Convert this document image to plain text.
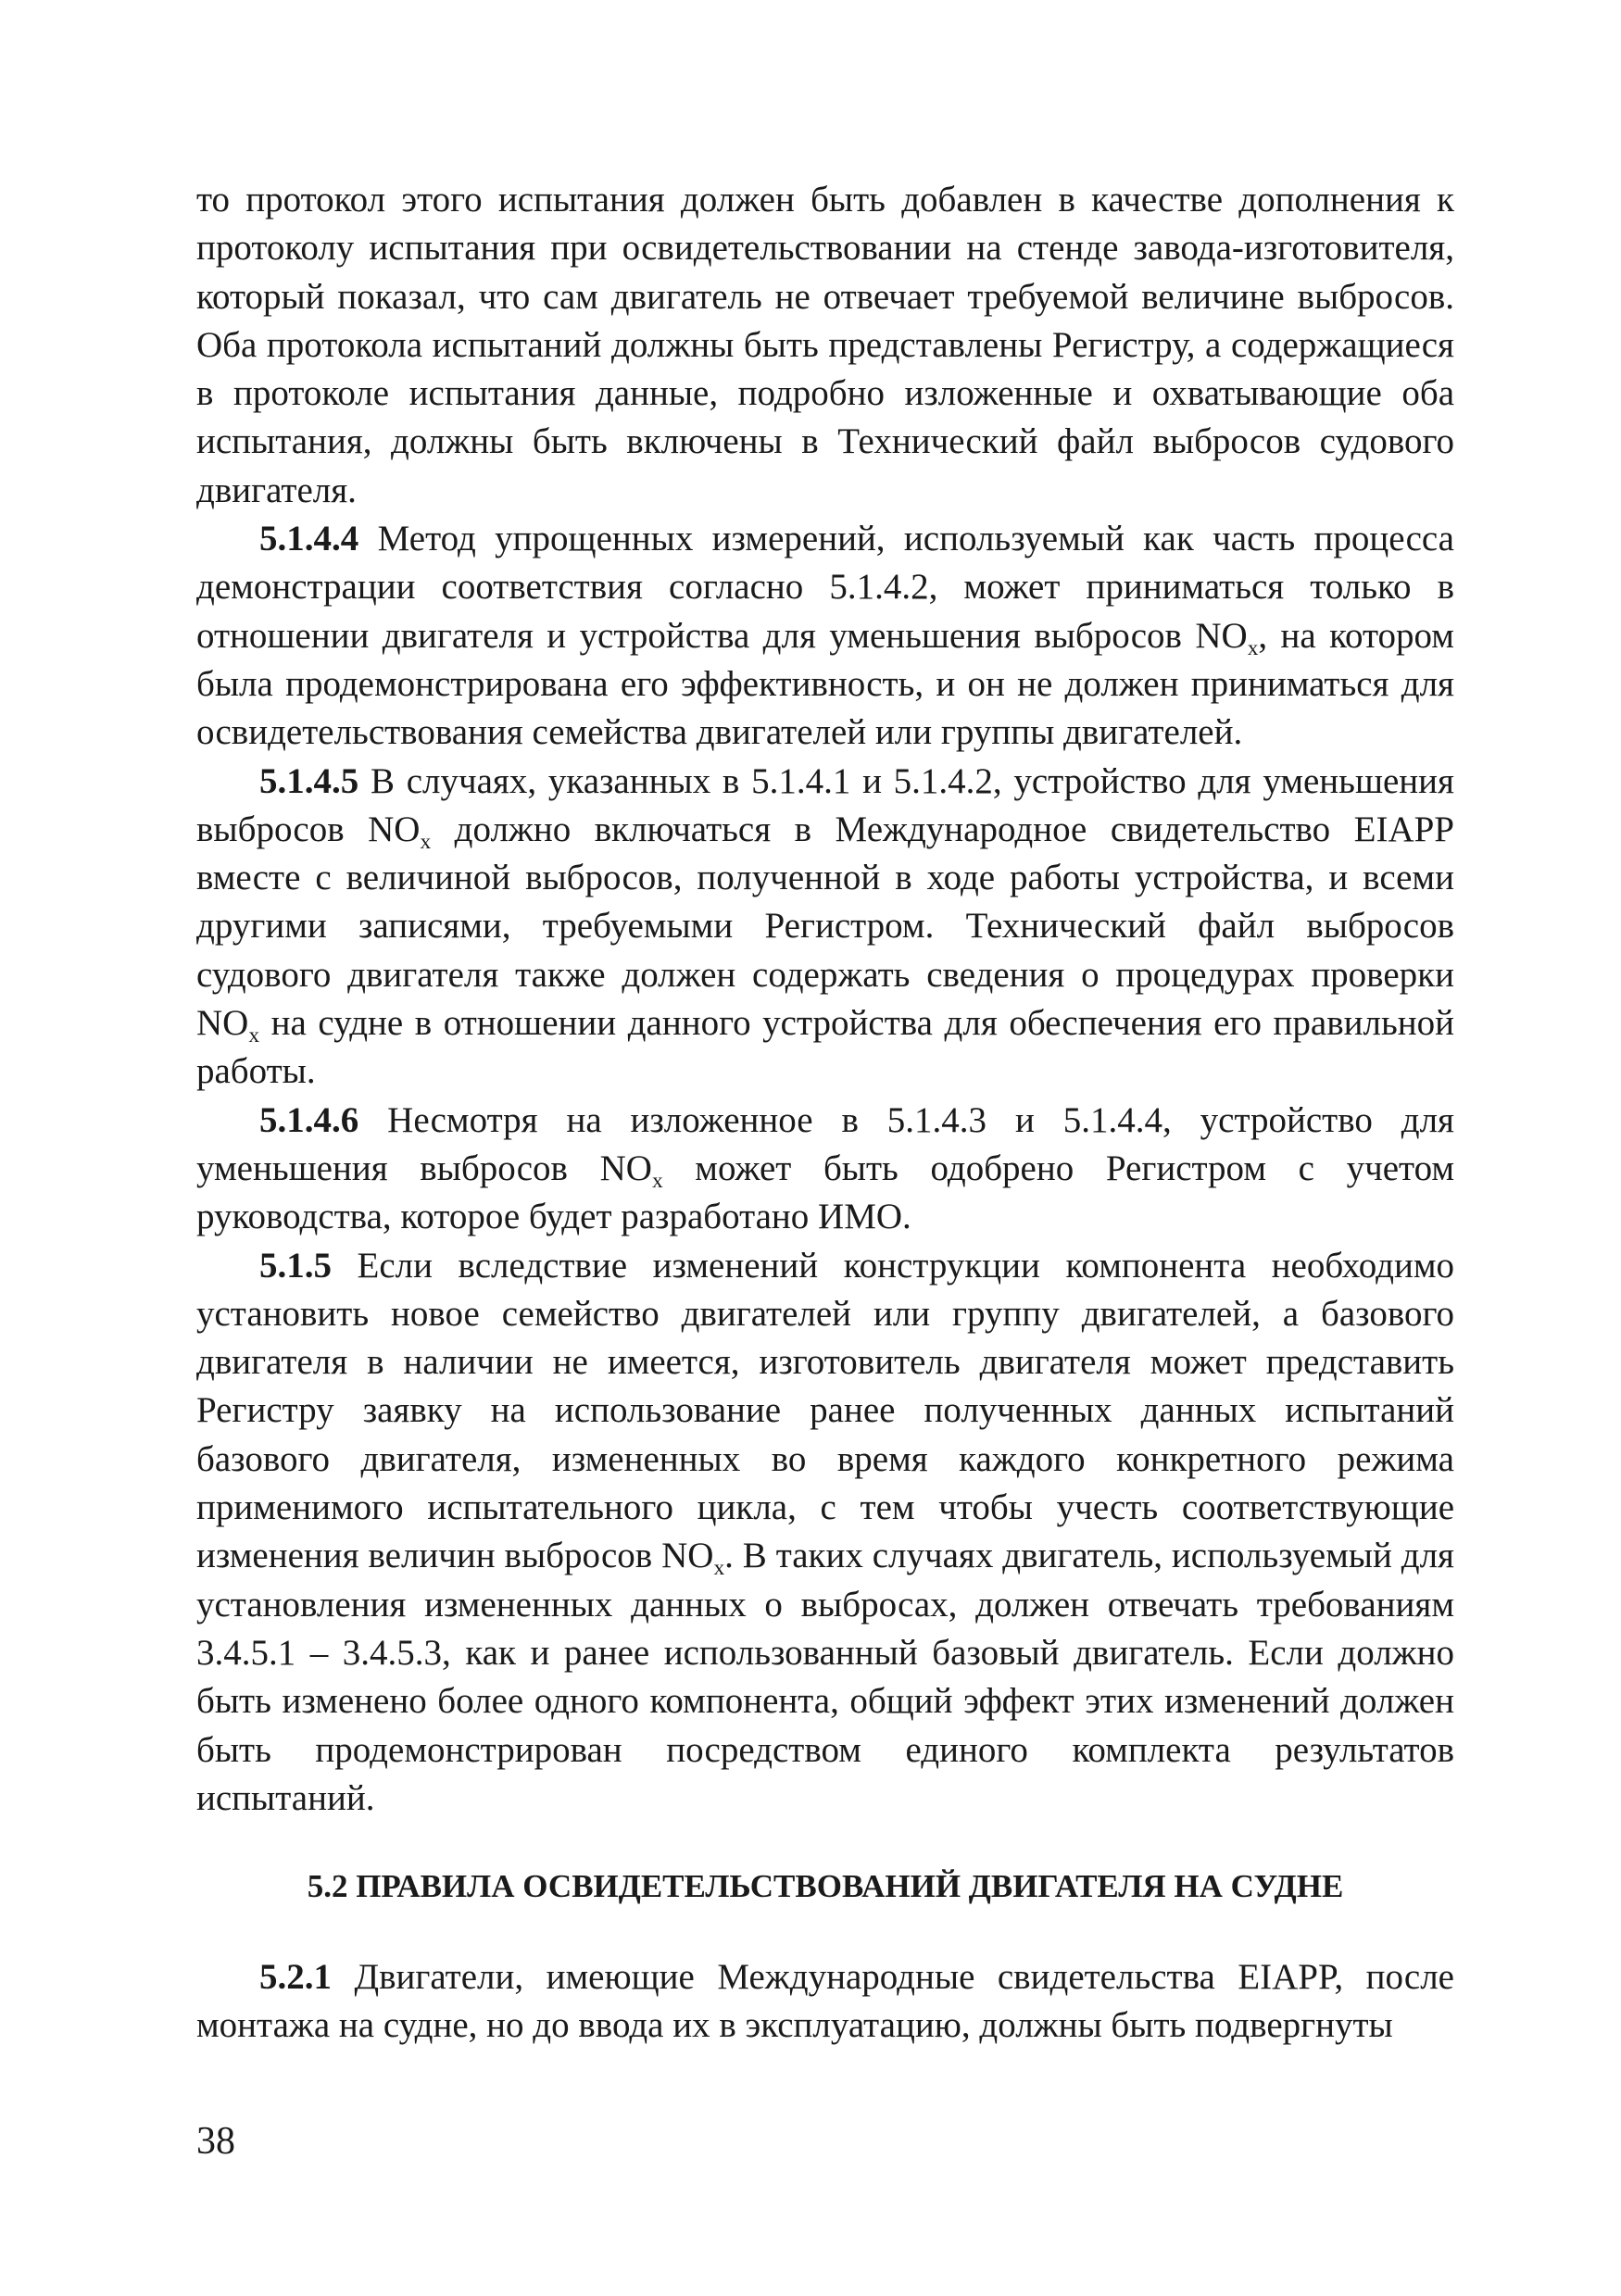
то протокол этого испытания должен быть добавлен в качестве дополнения к протоколу испытания при освидетельствовании на стенде завода-изготовителя, который показал, что сам двигатель не отвечает требуемой величине выбросов. Оба протокола испытаний должны быть представлены Регистру, а содержащиеся в протоколе испытания данные, подробно изложенные и охватывающие оба испытания, должны быть включены в Технический файл выбросов судового двигателя.

5.1.4.4 Метод упрощенных измерений, используемый как часть процесса демонстрации соответствия согласно 5.1.4.2, может приниматься только в отношении двигателя и устройства для уменьшения выбросов $NO_x$, на котором была продемонстрирована его эффективность, и он не должен приниматься для освидетельствования семейства двигателей или группы двигателей.

5.1.4.5 В случаях, указанных в 5.1.4.1 и 5.1.4.2, устройство для уменьшения выбросов $NO_x$ должно включаться в Международное свидетельство EIAPP вместе с величиной выбросов, полученной в ходе работы устройства, и всеми другими записями, требуемыми Регистром. Технический файл выбросов судового двигателя также должен содержать сведения о процедурах проверки $NO_x$ на судне в отношении данного устройства для обеспечения его правильной работы.

5.1.4.6 Несмотря на изложенное в 5.1.4.3 и 5.1.4.4, устройство для уменьшения выбросов $NO_x$ может быть одобрено Регистром с учетом руководства, которое будет разработано ИМО.

5.1.5 Если вследствие изменений конструкции компонента необходимо установить новое семейство двигателей или группу двигателей, а базового двигателя в наличии не имеется, изготовитель двигателя может представить Регистру заявку на использование ранее полученных данных испытаний базового двигателя, измененных во время каждого конкретного режима применимого испытательного цикла, с тем чтобы учесть соответствующие изменения величин выбросов $NO_x$. В таких случаях двигатель, используемый для установления измененных данных о выбросах, должен отвечать требованиям 3.4.5.1 – 3.4.5.3, как и ранее использованный базовый двигатель. Если должно быть изменено более одного компонента, общий эффект этих изменений должен быть продемонстрирован посредством единого комплекта результатов испытаний.

5.2 ПРАВИЛА ОСВИДЕТЕЛЬСТВОВАНИЙ ДВИГАТЕЛЯ НА СУДНЕ

5.2.1 Двигатели, имеющие Международные свидетельства EIAPP, после монтажа на судне, но до ввода их в эксплуатацию, должны быть подвергнуты

38
